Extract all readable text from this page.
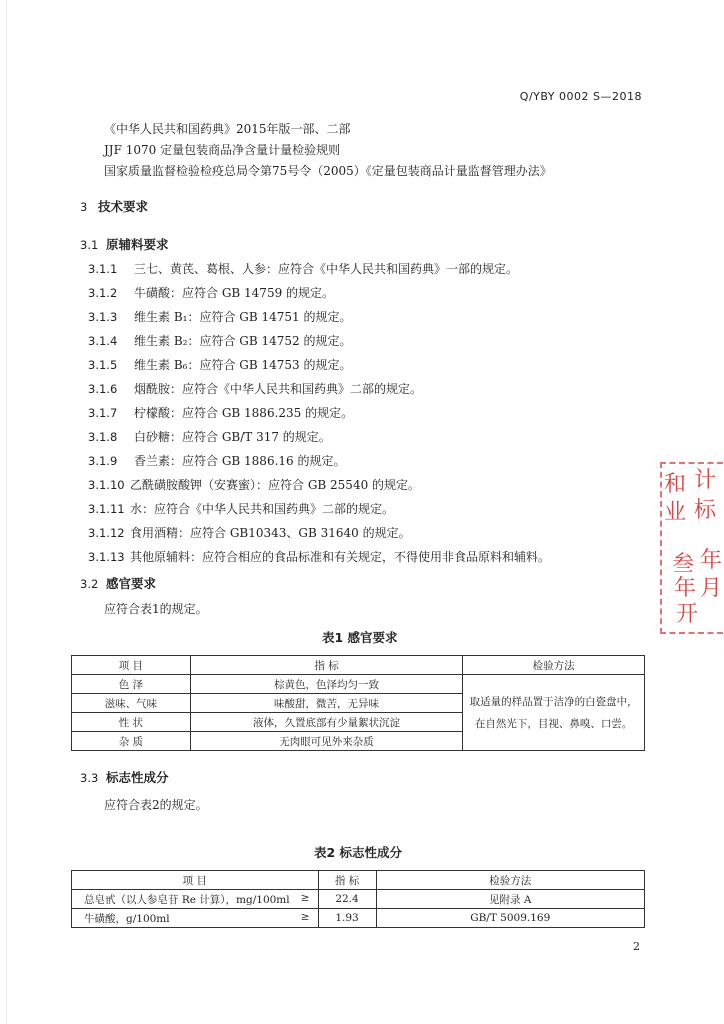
Q/YBY 0002 S—2018
《中华人民共和国药典》2015年版一部、二部
JJF 1070 定量包装商品净含量计量检验规则
国家质量监督检验检疫总局令第75号令（2005）《定量包装商品计量监督管理办法》
3 技术要求
3.1 原辅料要求
3.1.1 三七、黄芪、葛根、人参：应符合《中华人民共和国药典》一部的规定。
3.1.2 牛磺酸：应符合 GB 14759 的规定。
3.1.3 维生素 B₁：应符合 GB 14751 的规定。
3.1.4 维生素 B₂：应符合 GB 14752 的规定。
3.1.5 维生素 B₆：应符合 GB 14753 的规定。
3.1.6 烟酰胺：应符合《中华人民共和国药典》二部的规定。
3.1.7 柠檬酸：应符合 GB 1886.235 的规定。
3.1.8 白砂糖：应符合 GB/T 317 的规定。
3.1.9 香兰素：应符合 GB 1886.16 的规定。
3.1.10 乙酰磺胺酸钾（安赛蜜）：应符合 GB 25540 的规定。
3.1.11 水：应符合《中华人民共和国药典》二部的规定。
3.1.12 食用酒精：应符合 GB10343、GB 31640 的规定。
3.1.13 其他原辅料：应符合相应的食品标准和有关规定，不得使用非食品原料和辅料。
3.2 感官要求
应符合表1的规定。
表1 感官要求
项 目	指 标	检验方法
色 泽	棕黄色，色泽均匀一致	取适量的样品置于洁净的白瓷盘中，
在自然光下，目视、鼻嗅、口尝。

滋味、气味	味酸甜，微苦，无异味	
性 状	液体，久置底部有少量絮状沉淀	
杂 质	无肉眼可见外来杂质	
3.3 标志性成分
应符合表2的规定。
表2 标志性成分
项 目	指 标	检验方法
总皂甙（以人参皂苷 Re 计算），mg/100ml ≥	22.4	见附录 A
牛磺酸，g/100ml ≥	1.93	GB/T 5009.169
2
计
和
业 标
年
叁
年 月
开
